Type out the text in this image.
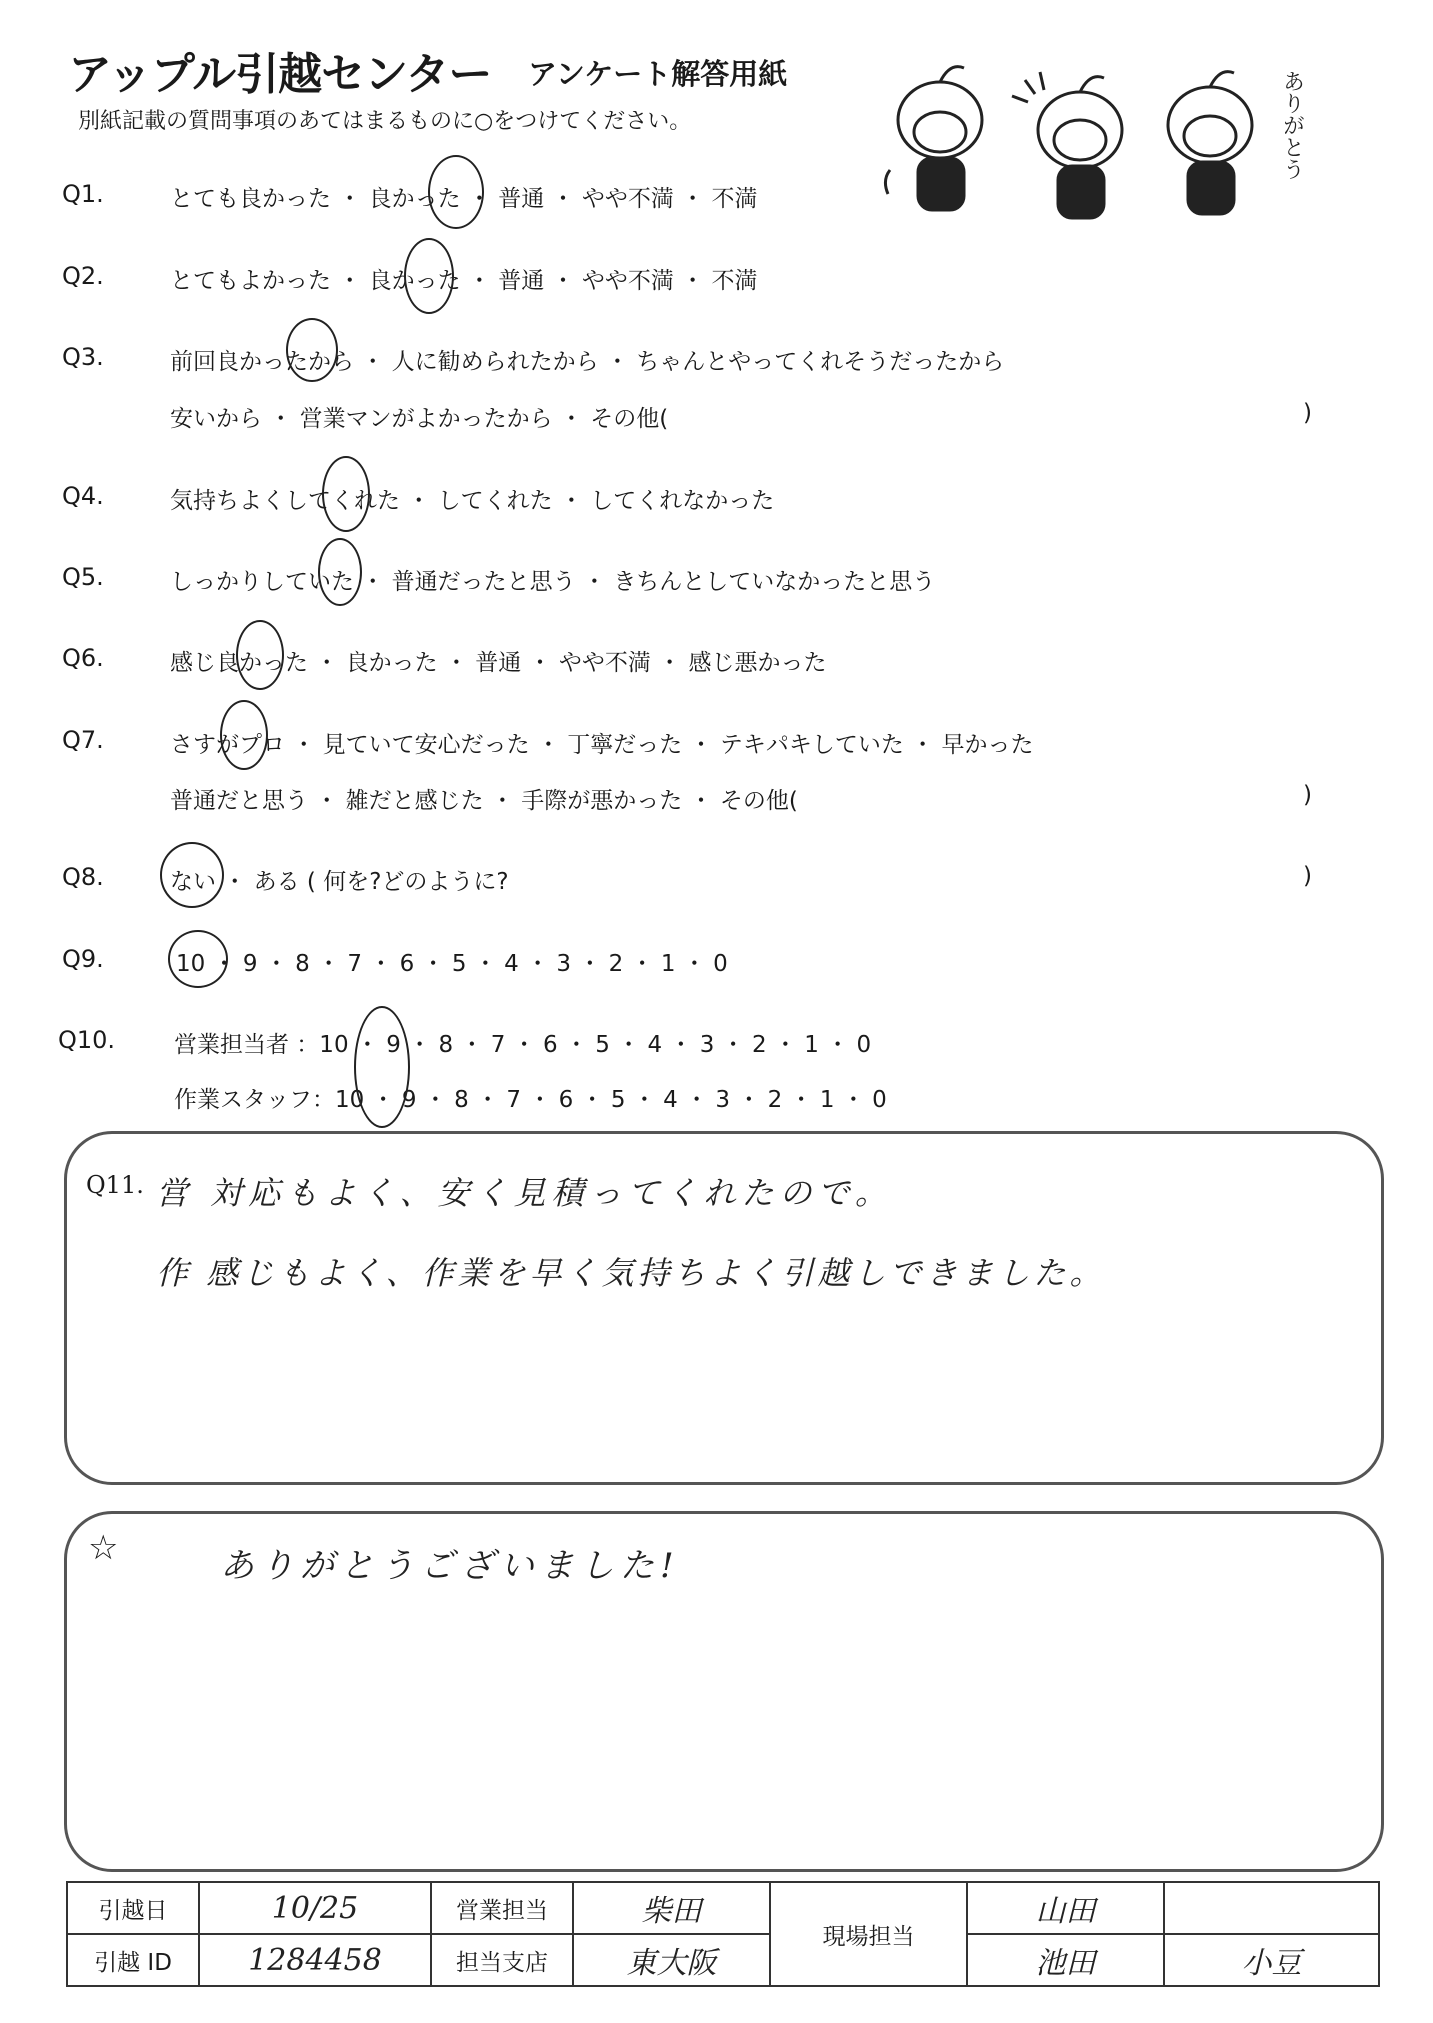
アップル引越センター アンケート解答用紙
別紙記載の質問事項のあてはまるものに○をつけてください。	ありがとう
Q1.	とても良かった ・ 良かった ・ 普通 ・ やや不満 ・ 不満
Q2.	とてもよかった ・ 良かった ・ 普通 ・ やや不満 ・ 不満
Q3.	前回良かったから ・ 人に勧められたから ・ ちゃんとやってくれそうだったから
安いから ・ 営業マンがよかったから ・ その他(	)
Q4.	気持ちよくしてくれた ・ してくれた ・ してくれなかった
Q5.	しっかりしていた ・ 普通だったと思う ・ きちんとしていなかったと思う
Q6.	感じ良かった ・ 良かった ・ 普通 ・ やや不満 ・ 感じ悪かった
Q7.	さすがプロ ・ 見ていて安心だった ・ 丁寧だった ・ テキパキしていた ・ 早かった
普通だと思う ・ 雑だと感じた ・ 手際が悪かった ・ その他(	)
Q8.	ない ・ ある ( 何を?どのように?	)
Q9.	10 ・ 9 ・ 8 ・ 7 ・ 6 ・ 5 ・ 4 ・ 3 ・ 2 ・ 1 ・ 0
Q10.	営業担当者 ：10 ・ 9 ・ 8 ・ 7 ・ 6 ・ 5 ・ 4 ・ 3 ・ 2 ・ 1 ・ 0
作業スタッフ：10 ・ 9 ・ 8 ・ 7 ・ 6 ・ 5 ・ 4 ・ 3 ・ 2 ・ 1 ・ 0
Q11. 営 対応もよく、安く見積ってくれたので。
作 感じもよく、作業を早く気持ちよく引越しできました。
☆	ありがとうございました!
引越日	10/25	営業担当	柴田	現場担当	山田	
引越 ID	1284458	担当支店	東大阪		池田	小豆
